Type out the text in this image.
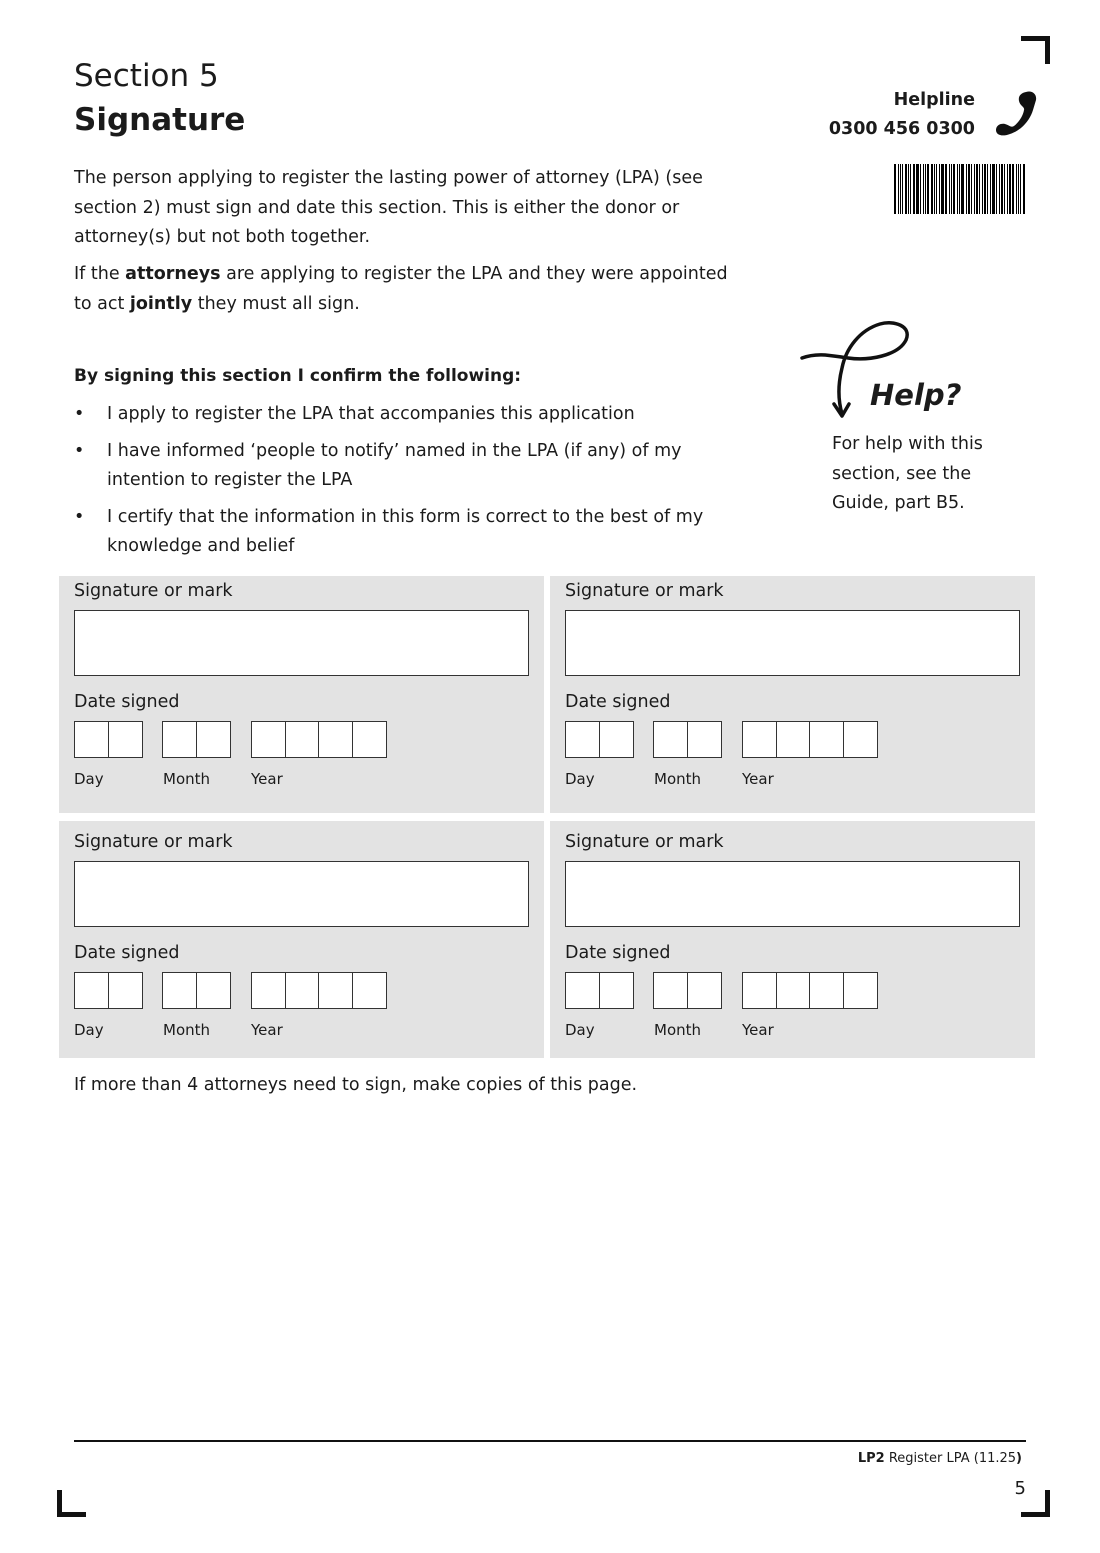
Section 5
Signature
Helpline
0300 456 0300
The person applying to register the lasting power of attorney (LPA) (see section 2) must sign and date this section. This is either the donor or attorney(s) but not both together.
If the attorneys are applying to register the LPA and they were appointed to act jointly they must all sign.
By signing this section I confirm the following:
• I apply to register the LPA that accompanies this application
• I have informed ‘people to notify’ named in the LPA (if any) of my intention to register the LPA
• I certify that the information in this form is correct to the best of my knowledge and belief
Help?
For help with this section, see the Guide, part B5.
Signature or mark
Date signed
Day	Month	Year
Signature or mark
Date signed
Day	Month	Year
Signature or mark
Date signed
Day	Month	Year
Signature or mark
Date signed
Day	Month	Year
If more than 4 attorneys need to sign, make copies of this page.
LP2 Register LPA (11.25)
5
